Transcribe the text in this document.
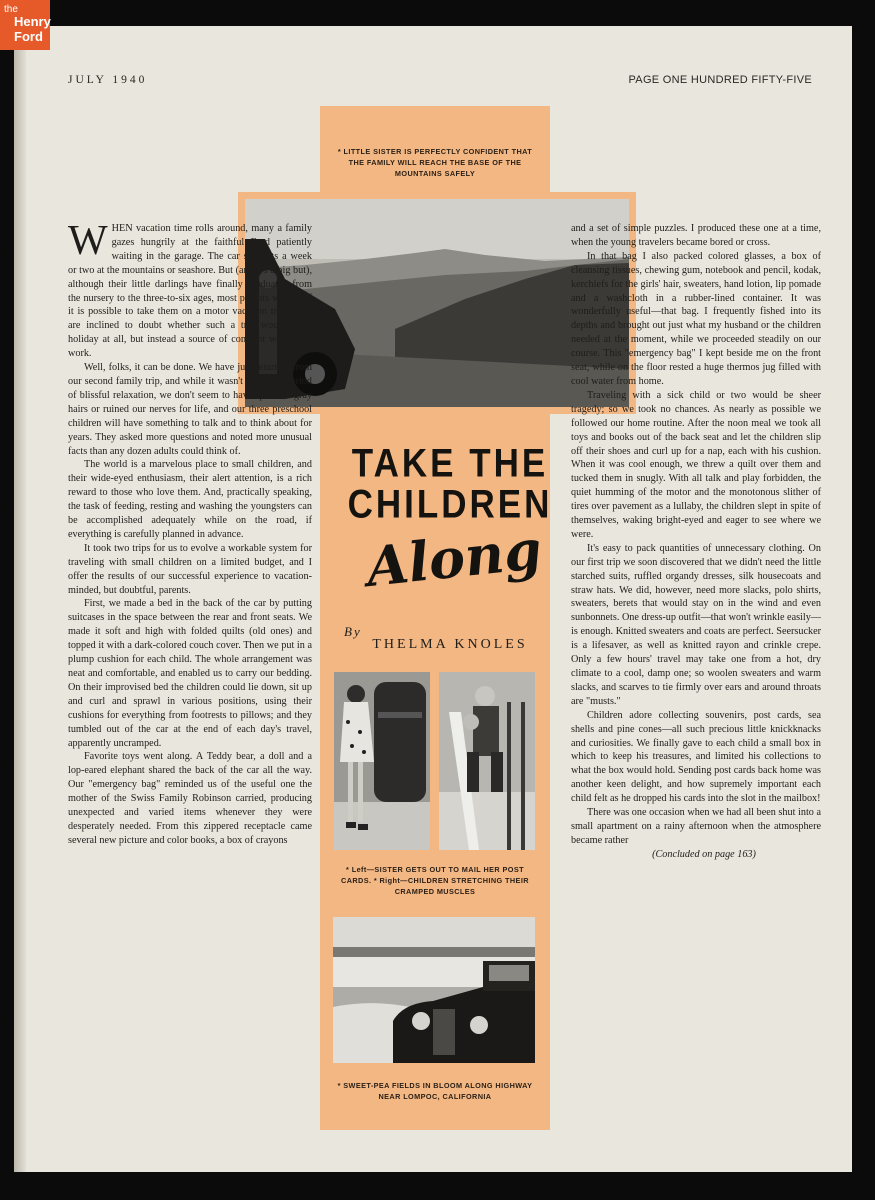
the
Henry
Ford
JULY 1940	PAGE ONE HUNDRED FIFTY-FIVE
* LITTLE SISTER IS PERFECTLY CONFIDENT THAT THE FAMILY WILL REACH THE BASE OF THE MOUNTAINS SAFELY
TAKE THE
CHILDREN
Along
By
THELMA KNOLES
* Left—SISTER GETS OUT TO MAIL HER POST CARDS. * Right—CHILDREN STRETCHING THEIR CRAMPED MUSCLES
* SWEET-PEA FIELDS IN BLOOM ALONG HIGHWAY NEAR LOMPOC, CALIFORNIA

WHEN vacation time rolls around, many a family gazes hungrily at the faithful Ford patiently waiting in the garage. The car suggests a week or two at the mountains or seashore. But (and it's a big but), although their little darlings have finally graduated from the nursery to the three-to-six ages, most parents wonder if it is possible to take them on a motor vacation trip. They are inclined to doubt whether such a trip would be a holiday at all, but instead a source of constant worry and work.

Well, folks, it can be done. We have just returned from our second family trip, and while it wasn't exactly a period of blissful relaxation, we don't seem to have sprouted gray hairs or ruined our nerves for life, and our three preschool children will have something to talk and to think about for years. They asked more questions and noted more unusual facts than any dozen adults could think of.

The world is a marvelous place to small children, and their wide-eyed enthusiasm, their alert attention, is a rich reward to those who love them. And, practically speaking, the task of feeding, resting and washing the youngsters can be accomplished adequately while on the road, if everything is carefully planned in advance.

It took two trips for us to evolve a workable system for traveling with small children on a limited budget, and I offer the results of our successful experience to vacation-minded, but doubtful, parents.

First, we made a bed in the back of the car by putting suitcases in the space between the rear and front seats. We made it soft and high with folded quilts (old ones) and topped it with a dark-colored couch cover. Then we put in a plump cushion for each child. The whole arrangement was neat and comfortable, and enabled us to carry our bedding. On their improvised bed the children could lie down, sit up and curl and sprawl in various positions, using their cushions for everything from footrests to pillows; and they tumbled out of the car at the end of each day's travel, apparently uncramped.

Favorite toys went along. A Teddy bear, a doll and a lop-eared elephant shared the back of the car all the way. Our "emergency bag" reminded us of the useful one the mother of the Swiss Family Robinson carried, producing unexpected and varied items whenever they were desperately needed. From this zippered receptacle came several new picture and color books, a box of crayons

and a set of simple puzzles. I produced these one at a time, when the young travelers became bored or cross.

In that bag I also packed colored glasses, a box of cleansing tissues, chewing gum, notebook and pencil, kodak, kerchiefs for the girls' hair, sweaters, hand lotion, lip pomade and a washcloth in a rubber-lined container. It was wonderfully useful—that bag. I frequently fished into its depths and brought out just what my husband or the children needed at the moment, while we proceeded steadily on our course. This "emergency bag" I kept beside me on the front seat, while on the floor rested a huge thermos jug filled with cool water from home.

Traveling with a sick child or two would be sheer tragedy; so we took no chances. As nearly as possible we followed our home routine. After the noon meal we took all toys and books out of the back seat and let the children slip off their shoes and curl up for a nap, each with his cushion. When it was cool enough, we threw a quilt over them and tucked them in snugly. With all talk and play forbidden, the quiet humming of the motor and the monotonous slither of tires over pavement as a lullaby, the children slept in spite of themselves, waking bright-eyed and eager to see where we were.

It's easy to pack quantities of unnecessary clothing. On our first trip we soon discovered that we didn't need the little starched suits, ruffled organdy dresses, silk housecoats and straw hats. We did, however, need more slacks, polo shirts, sweaters, berets that would stay on in the wind and even sunbonnets. One dress-up outfit—that won't wrinkle easily—is enough. Knitted sweaters and coats are perfect. Seersucker is a lifesaver, as well as knitted rayon and crinkle crepe. Only a few hours' travel may take one from a hot, dry climate to a cool, damp one; so woolen sweaters and warm slacks, and scarves to tie firmly over ears and around throats are "musts."

Children adore collecting souvenirs, post cards, sea shells and pine cones—all such precious little knickknacks and curiosities. We finally gave to each child a small box in which to keep his treasures, and limited his collections to what the box would hold. Sending post cards back home was another keen delight, and how supremely important each child felt as he dropped his cards into the slot in the mailbox!

There was one occasion when we had all been shut into a small apartment on a rainy afternoon when the atmosphere became rather

(Concluded on page 163)
